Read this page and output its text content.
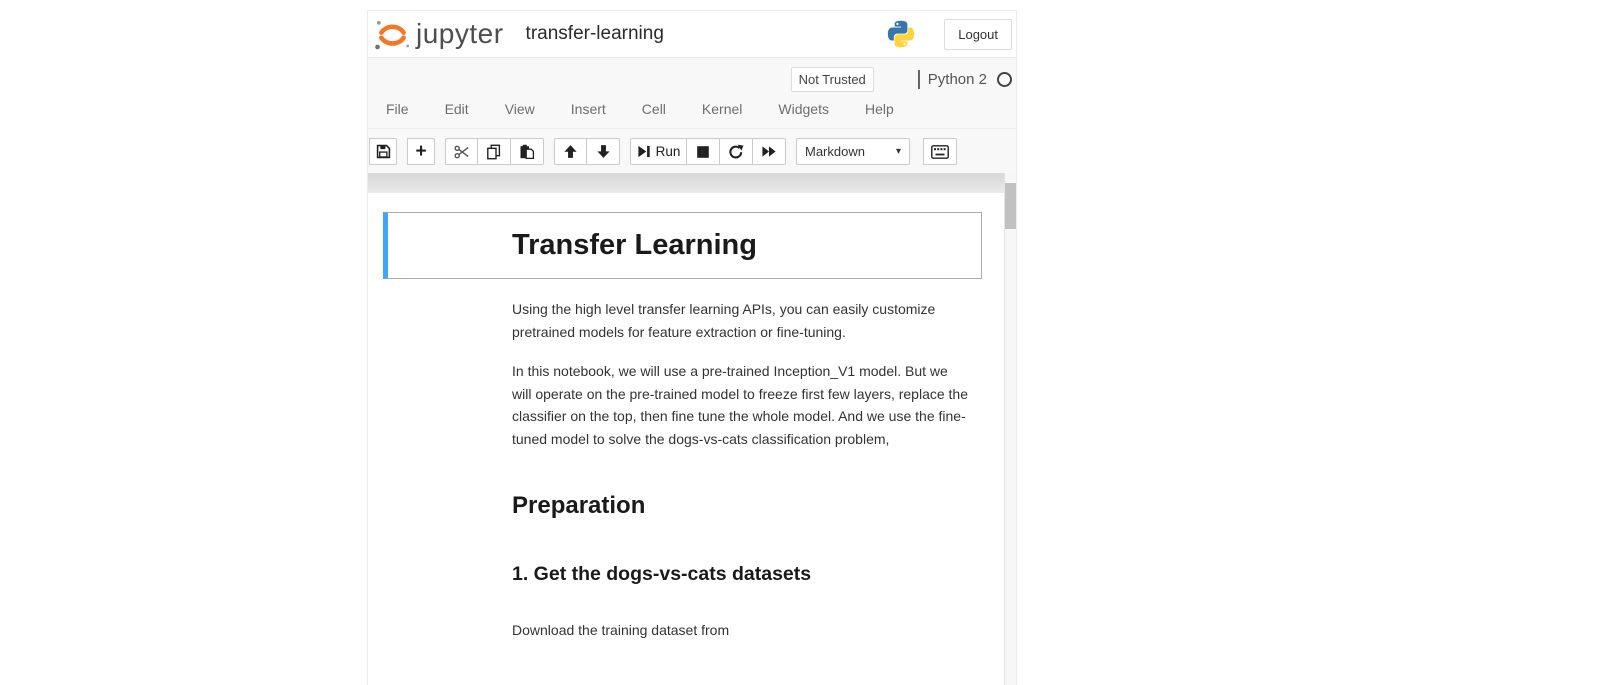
jupyter transfer-learning	Logout
Not Trusted	Python 2
File	Edit	View	Insert	Cell	Kernel	Widgets	Help
+	Run	Markdown	▾
Transfer Learning

Using the high level transfer learning APIs, you can easily customize pretrained models for feature extraction or fine-tuning.

In this notebook, we will use a pre-trained Inception_V1 model. But we will operate on the pre-trained model to freeze first few layers, replace the classifier on the top, then fine tune the whole model. And we use the fine-tuned model to solve the dogs-vs-cats classification problem,

Preparation
1. Get the dogs-vs-cats datasets

Download the training dataset from
